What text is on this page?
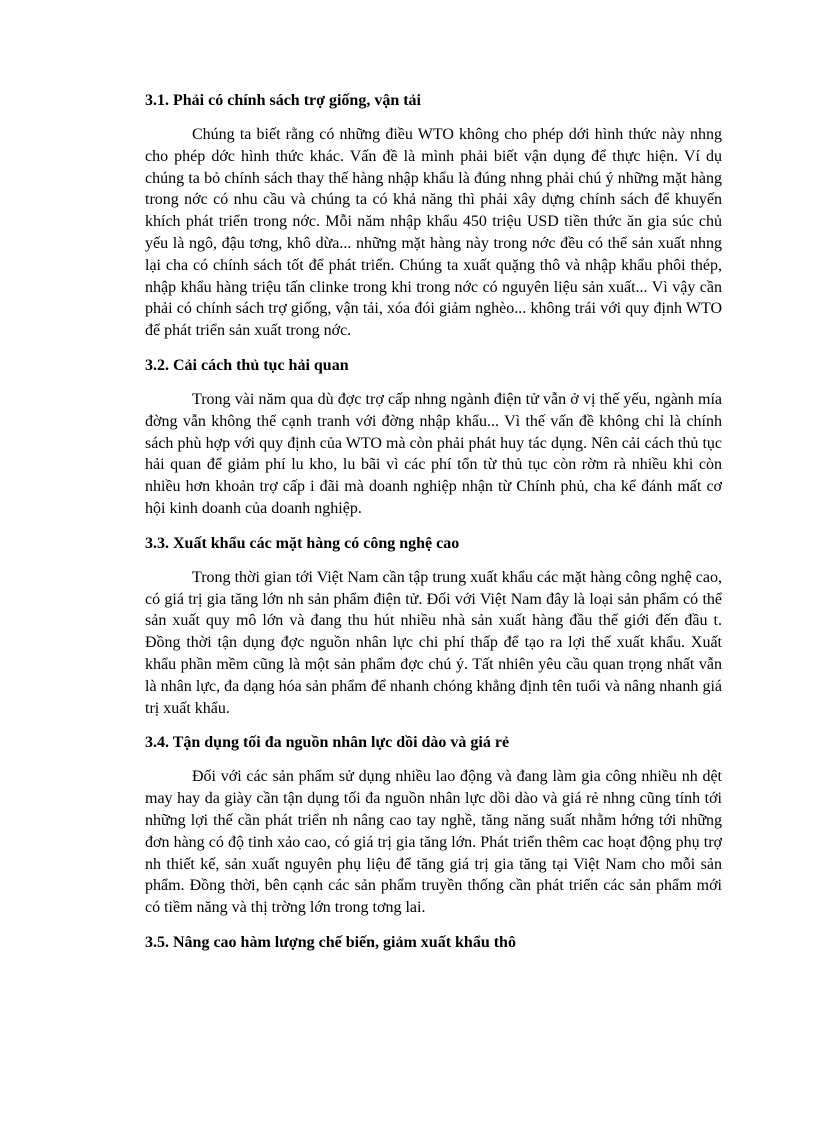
3.1. Phải có chính sách trợ giống, vận tải

Chúng ta biết rằng có những điều WTO không cho phép dới hình thức này nhng cho phép dớc hình thức khác. Vấn đề là mình phải biết vận dụng để thực hiện. Ví dụ chúng ta bỏ chính sách thay thế hàng nhập khẩu là đúng nhng phải chú ý những mặt hàng trong nớc có nhu cầu và chúng ta có khả năng thì phải xây dựng chính sách để khuyến khích phát triển trong nớc. Mỗi năm nhập khẩu 450 triệu USD tiền thức ăn gia súc chủ yếu là ngô, đậu tơng, khô dừa... những mặt hàng này trong nớc đều có thể sản xuất nhng lại cha có chính sách tốt để phát triển. Chúng ta xuất quặng thô và nhập khẩu phôi thép, nhập khẩu hàng triệu tấn clinke trong khi trong nớc có nguyên liệu sản xuất... Vì vậy cần phải có chính sách trợ giống, vận tải, xóa đói giảm nghèo... không trái với quy định WTO để phát triển sản xuất trong nớc.

3.2. Cải cách thủ tục hải quan

Trong vài năm qua dù đợc trợ cấp nhng ngành điện tử vẫn ở vị thế yếu, ngành mía đờng vẫn không thể cạnh tranh với đờng nhập khẩu... Vì thế vấn đề không chỉ là chính sách phù hợp với quy định của WTO mà còn phải phát huy tác dụng. Nên cải cách thủ tục hải quan để giảm phí lu kho, lu bãi vì các phí tổn từ thủ tục còn rờm rà nhiều khi còn nhiều hơn khoản trợ cấp i đãi mà doanh nghiệp nhận từ Chính phủ, cha kể đánh mất cơ hội kinh doanh của doanh nghiệp.

3.3. Xuất khẩu các mặt hàng có công nghệ cao

Trong thời gian tới Việt Nam cần tập trung xuất khẩu các mặt hàng công nghệ cao, có giá trị gia tăng lớn nh sản phẩm điện tử. Đối với Việt Nam đây là loại sản phẩm có thể sản xuất quy mô lớn và đang thu hút nhiều nhà sản xuất hàng đầu thế giới đến đầu t. Đồng thời tận dụng đợc nguồn nhân lực chi phí thấp để tạo ra lợi thế xuất khẩu. Xuất khẩu phần mềm cũng là một sản phẩm đợc chú ý. Tất nhiên yêu cầu quan trọng nhất vẫn là nhân lực, đa dạng hóa sản phẩm để nhanh chóng khẳng định tên tuổi và nâng nhanh giá trị xuất khẩu.

3.4. Tận dụng tối đa nguồn nhân lực dồi dào và giá rẻ

Đối với các sản phẩm sử dụng nhiều lao động và đang làm gia công nhiều nh dệt may hay da giày cần tận dụng tối đa nguồn nhân lực dồi dào và giá rẻ nhng cũng tính tới những lợi thế cần phát triển nh nâng cao tay nghề, tăng năng suất nhằm hớng tới những đơn hàng có độ tinh xảo cao, có giá trị gia tăng lớn. Phát triển thêm cac hoạt động phụ trợ nh thiết kế, sản xuất nguyên phụ liệu để tăng giá trị gia tăng tại Việt Nam cho mỗi sản phẩm. Đồng thời, bên cạnh các sản phẩm truyền thống cần phát triển các sản phẩm mới có tiềm năng và thị trờng lớn trong tơng lai.

3.5. Nâng cao hàm lượng chế biến, giảm xuất khẩu thô
